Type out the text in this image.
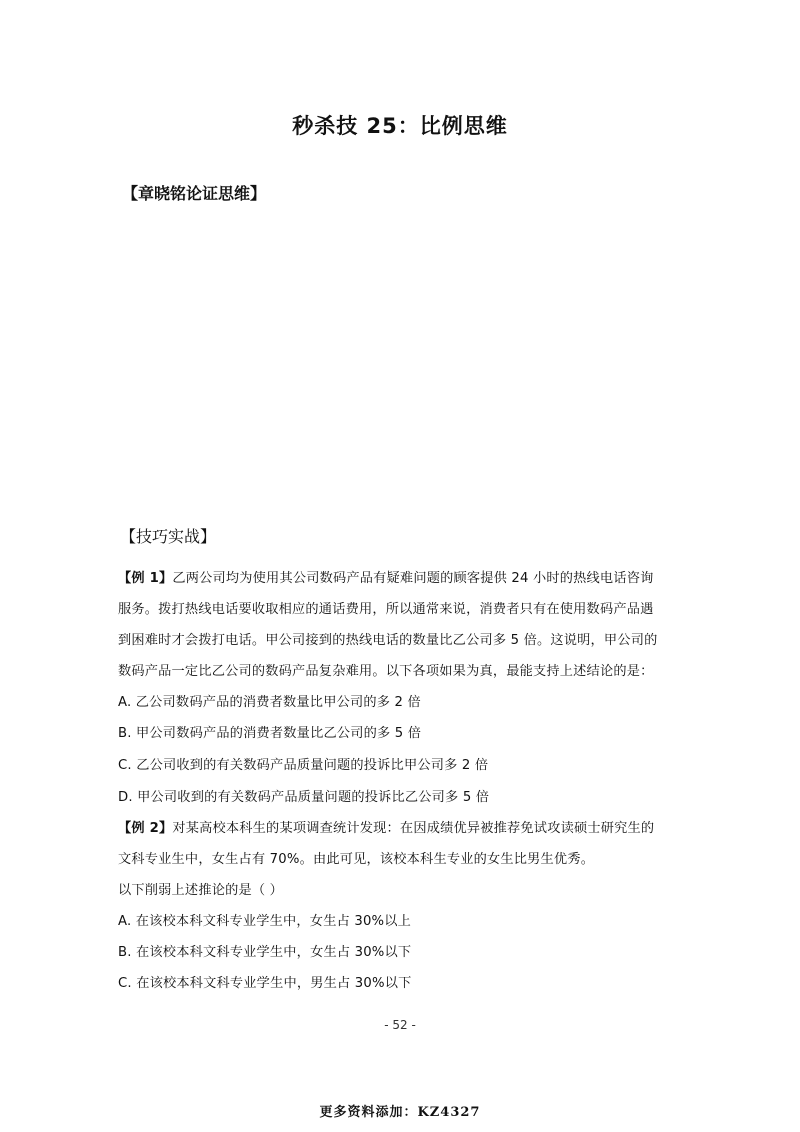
秒杀技 25：比例思维
【章晓铭论证思维】
【技巧实战】
【例 1】乙两公司均为使用其公司数码产品有疑难问题的顾客提供 24 小时的热线电话咨询
服务。拨打热线电话要收取相应的通话费用，所以通常来说，消费者只有在使用数码产品遇
到困难时才会拨打电话。甲公司接到的热线电话的数量比乙公司多 5 倍。这说明，甲公司的
数码产品一定比乙公司的数码产品复杂难用。以下各项如果为真，最能支持上述结论的是：
A. 乙公司数码产品的消费者数量比甲公司的多 2 倍
B. 甲公司数码产品的消费者数量比乙公司的多 5 倍
C. 乙公司收到的有关数码产品质量问题的投诉比甲公司多 2 倍
D. 甲公司收到的有关数码产品质量问题的投诉比乙公司多 5 倍
【例 2】对某高校本科生的某项调查统计发现：在因成绩优异被推荐免试攻读硕士研究生的
文科专业生中，女生占有 70%。由此可见，该校本科生专业的女生比男生优秀。
以下削弱上述推论的是（ ）
A. 在该校本科文科专业学生中，女生占 30%以上
B. 在该校本科文科专业学生中，女生占 30%以下
C. 在该校本科文科专业学生中，男生占 30%以下
- 52 -
更多资料添加：KZ4327
